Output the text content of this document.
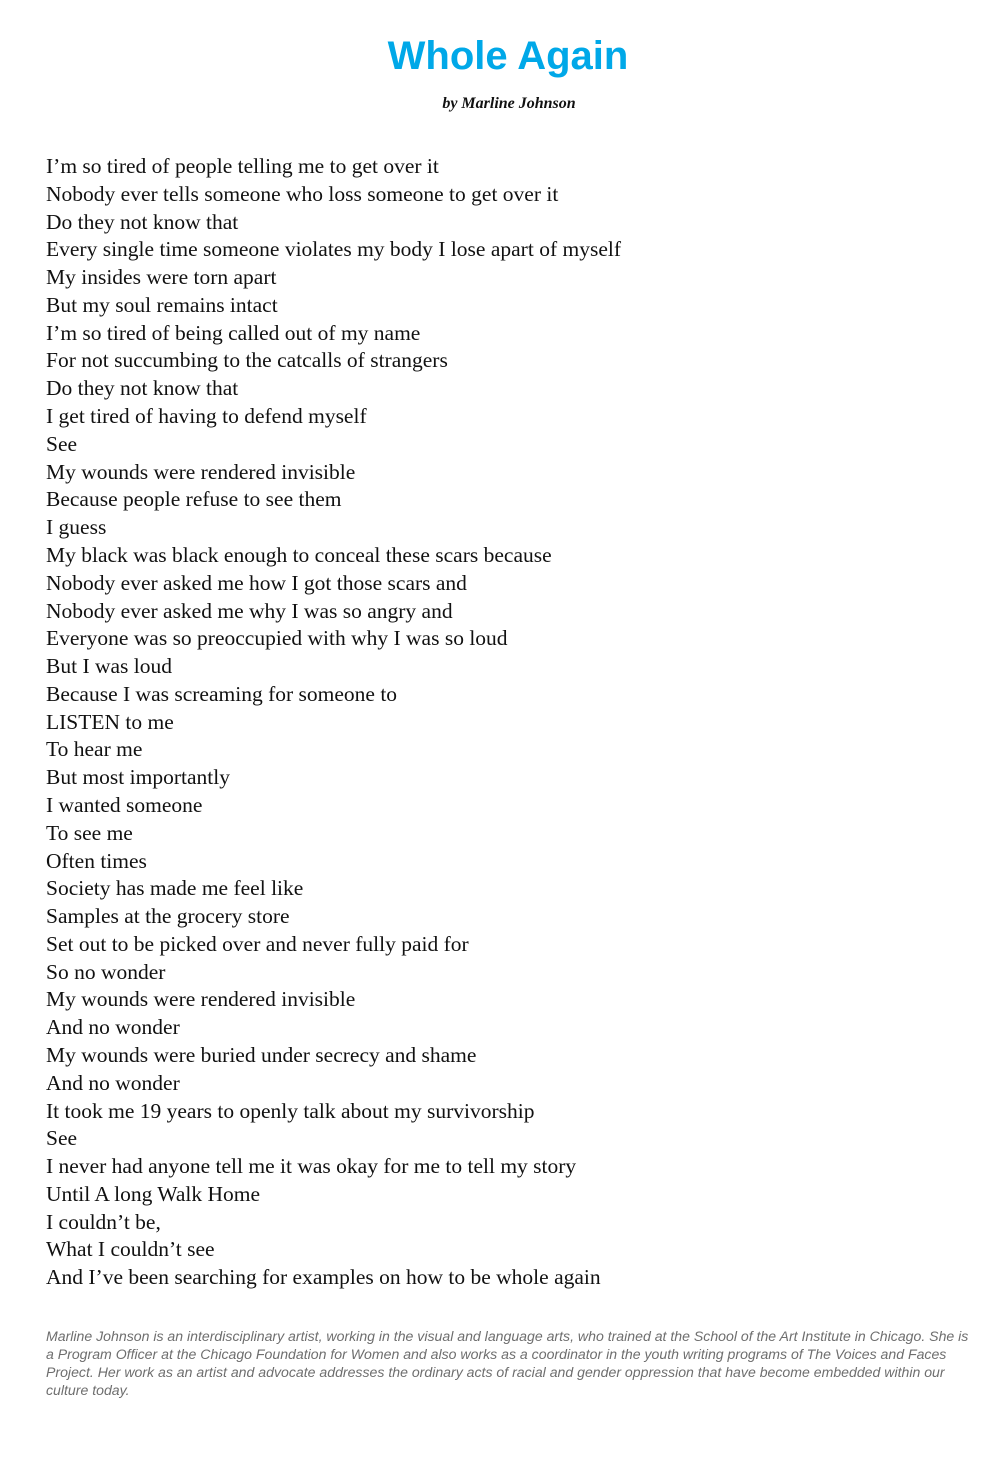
Whole Again

by Marline Johnson

I’m so tired of people telling me to get over it
Nobody ever tells someone who loss someone to get over it
Do they not know that
Every single time someone violates my body I lose apart of myself
My insides were torn apart
But my soul remains intact
I’m so tired of being called out of my name
For not succumbing to the catcalls of strangers
Do they not know that
I get tired of having to defend myself
See
My wounds were rendered invisible
Because people refuse to see them
I guess
My black was black enough to conceal these scars because
Nobody ever asked me how I got those scars and
Nobody ever asked me why I was so angry and
Everyone was so preoccupied with why I was so loud
But I was loud
Because I was screaming for someone to
LISTEN to me
To hear me
But most importantly
I wanted someone
To see me
Often times
Society has made me feel like
Samples at the grocery store
Set out to be picked over and never fully paid for
So no wonder
My wounds were rendered invisible
And no wonder
My wounds were buried under secrecy and shame
And no wonder
It took me 19 years to openly talk about my survivorship
See
I never had anyone tell me it was okay for me to tell my story
Until A long Walk Home
I couldn’t be,
What I couldn’t see
And I’ve been searching for examples on how to be whole again

Marline Johnson is an interdisciplinary artist, working in the visual and language arts, who trained at the School of the Art Institute in Chicago. She is a Program Officer at the Chicago Foundation for Women and also works as a coordinator in the youth writing programs of The Voices and Faces Project. Her work as an artist and advocate addresses the ordinary acts of racial and gender oppression that have become embedded within our culture today.
